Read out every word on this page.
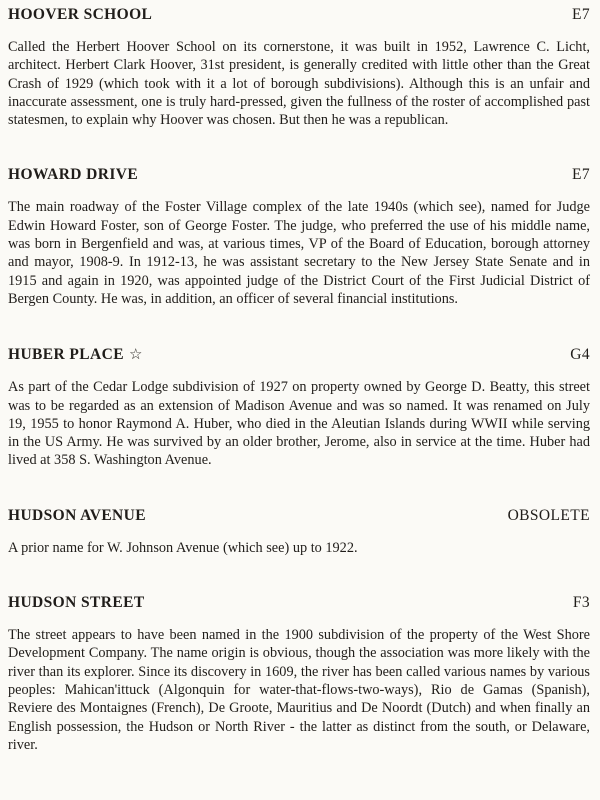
HOOVER SCHOOL	E7

Called the Herbert Hoover School on its cornerstone, it was built in 1952, Lawrence C. Licht, architect. Herbert Clark Hoover, 31st president, is generally credited with little other than the Great Crash of 1929 (which took with it a lot of borough subdivisions). Although this is an unfair and inaccurate assessment, one is truly hard-pressed, given the fullness of the roster of accomplished past statesmen, to explain why Hoover was chosen. But then he was a republican.

HOWARD DRIVE	E7

The main roadway of the Foster Village complex of the late 1940s (which see), named for Judge Edwin Howard Foster, son of George Foster. The judge, who preferred the use of his middle name, was born in Bergenfield and was, at various times, VP of the Board of Education, borough attorney and mayor, 1908-9. In 1912-13, he was assistant secretary to the New Jersey State Senate and in 1915 and again in 1920, was appointed judge of the District Court of the First Judicial District of Bergen County. He was, in addition, an officer of several financial institutions.

HUBER PLACE ☆	G4

As part of the Cedar Lodge subdivision of 1927 on property owned by George D. Beatty, this street was to be regarded as an extension of Madison Avenue and was so named. It was renamed on July 19, 1955 to honor Raymond A. Huber, who died in the Aleutian Islands during WWII while serving in the US Army. He was survived by an older brother, Jerome, also in service at the time. Huber had lived at 358 S. Washington Avenue.

HUDSON AVENUE	OBSOLETE

A prior name for W. Johnson Avenue (which see) up to 1922.

HUDSON STREET	F3

The street appears to have been named in the 1900 subdivision of the property of the West Shore Development Company. The name origin is obvious, though the association was more likely with the river than its explorer. Since its discovery in 1609, the river has been called various names by various peoples: Mahican'ittuck (Algonquin for water-that-flows-two-ways), Rio de Gamas (Spanish), Reviere des Montaignes (French), De Groote, Mauritius and De Noordt (Dutch) and when finally an English possession, the Hudson or North River - the latter as distinct from the south, or Delaware, river.
